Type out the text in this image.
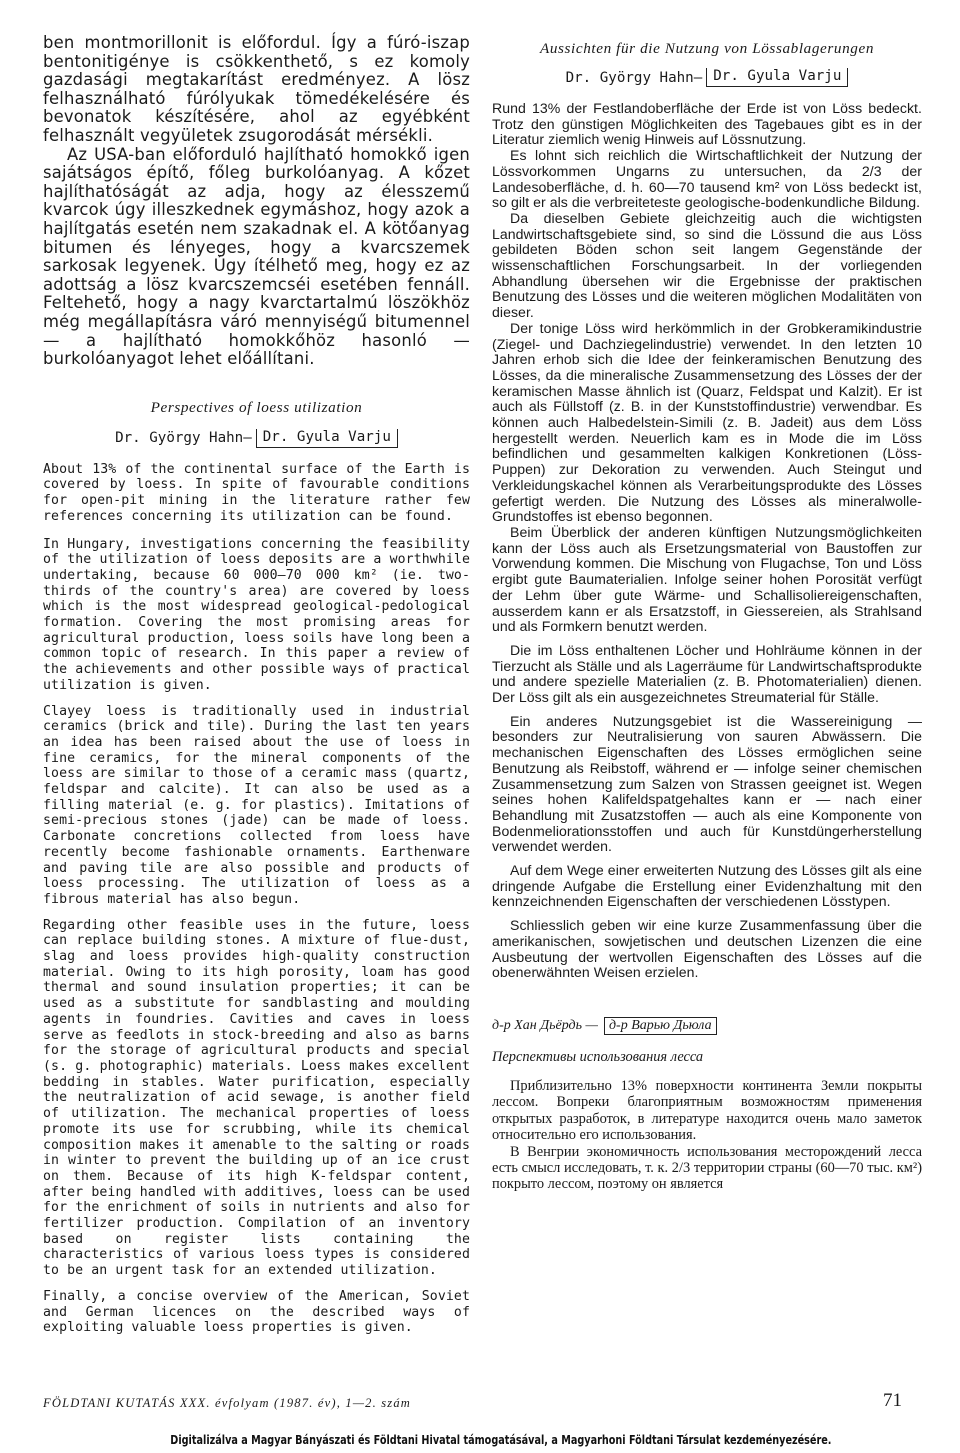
ben montmorillonit is előfordul. Így a fúró-iszap bentonitigénye is csökkenthető, s ez komoly gazdasági megtakarítást eredményez. A lösz felhasználható fúrólyukak tömedékelésére és bevonatok készítésére, ahol az egyébként felhasznált vegyületek zsugorodását mérsékli.

Az USA-ban előforduló hajlítható homokkő igen sajátságos építő, főleg burkolóanyag. A kőzet hajlíthatóságát az adja, hogy az élesszemű kvarcok úgy illeszkednek egymáshoz, hogy azok a hajlítgatás esetén nem szakadnak el. A kötőanyag bitumen és lényeges, hogy a kvarcszemek sarkosak legyenek. Úgy ítélhető meg, hogy ez az adottság a lösz kvarcszemcséi esetében fennáll. Feltehető, hogy a nagy kvarctartalmú löszökhöz még megállapításra váró mennyiségű bitumennel — a hajlítható homokkőhöz hasonló — burkolóanyagot lehet előállítani.

Perspectives of loess utilization
Dr. György Hahn— Dr. Gyula Varju

About 13% of the continental surface of the Earth is covered by loess. In spite of favourable conditions for open-pit mining in the literature rather few references concerning its utilization can be found.

In Hungary, investigations concerning the feasibility of the utilization of loess deposits are a worthwhile undertaking, because 60 000—70 000 km² (ie. two-thirds of the country's area) are covered by loess which is the most widespread geological-pedological formation. Covering the most promising areas for agricultural production, loess soils have long been a common topic of research. In this paper a review of the achievements and other possible ways of practical utilization is given.

Clayey loess is traditionally used in industrial ceramics (brick and tile). During the last ten years an idea has been raised about the use of loess in fine ceramics, for the mineral components of the loess are similar to those of a ceramic mass (quartz, feldspar and calcite). It can also be used as a filling material (e. g. for plastics). Imitations of semi-precious stones (jade) can be made of loess. Carbonate concretions collected from loess have recently become fashionable ornaments. Earthenware and paving tile are also possible and products of loess processing. The utilization of loess as a fibrous material has also begun.

Regarding other feasible uses in the future, loess can replace building stones. A mixture of flue-dust, slag and loess provides high-quality construction material. Owing to its high porosity, loam has good thermal and sound insulation properties; it can be used as a substitute for sandblasting and moulding agents in foundries. Cavities and caves in loess serve as feedlots in stock-breeding and also as barns for the storage of agricultural products and special (s. g. photographic) materials. Loess makes excellent bedding in stables. Water purification, especially the neutralization of acid sewage, is another field of utilization. The mechanical properties of loess promote its use for scrubbing, while its chemical composition makes it amenable to the salting or roads in winter to prevent the building up of an ice crust on them. Because of its high K-feldspar content, after being handled with additives, loess can be used for the enrichment of soils in nutrients and also for fertilizer production. Compilation of an inventory based on register lists containing the characteristics of various loess types is considered to be an urgent task for an extended utilization.

Finally, a concise overview of the American, Soviet and German licences on the described ways of exploiting valuable loess properties is given.

Aussichten für die Nutzung von Lössablagerungen
Dr. György Hahn— Dr. Gyula Varju

Rund 13% der Festlandoberfläche der Erde ist von Löss bedeckt. Trotz den günstigen Möglichkeiten des Tagebaues gibt es in der Literatur ziemlich wenig Hinweis auf Lössnutzung.

Es lohnt sich reichlich die Wirtschaftlichkeit der Nutzung der Lössvorkommen Ungarns zu untersuchen, da 2/3 der Landesoberfläche, d. h. 60—70 tausend km² von Löss bedeckt ist, so gilt er als die verbreiteteste geologische-bodenkundliche Bildung.

Da dieselben Gebiete gleichzeitig auch die wichtigsten Landwirtschaftsgebiete sind, so sind die Lössund die aus Löss gebildeten Böden schon seit langem Gegenstände der wissenschaftlichen Forschungsarbeit. In der vorliegenden Abhandlung übersehen wir die Ergebnisse der praktischen Benutzung des Lösses und die weiteren möglichen Modalitäten von dieser.

Der tonige Löss wird herkömmlich in der Grobkeramikindustrie (Ziegel- und Dachziegelindustrie) verwendet. In den letzten 10 Jahren erhob sich die Idee der feinkeramischen Benutzung des Lösses, da die mineralische Zusammensetzung des Lösses der der keramischen Masse ähnlich ist (Quarz, Feldspat und Kalzit). Er ist auch als Füllstoff (z. B. in der Kunststoffindustrie) verwendbar. Es können auch Halbedelstein-Simili (z. B. Jadeit) aus dem Löss hergestellt werden. Neuerlich kam es in Mode die im Löss befindlichen und gesammelten kalkigen Konkretionen (Löss-Puppen) zur Dekoration zu verwenden. Auch Steingut und Verkleidungskachel können als Verarbeitungsprodukte des Lösses gefertigt werden. Die Nutzung des Lösses als mineralwolle-Grundstoffes ist ebenso begonnen.

Beim Überblick der anderen künftigen Nutzungsmöglichkeiten kann der Löss auch als Ersetzungsmaterial von Baustoffen zur Vorwendung kommen. Die Mischung von Flugachse, Ton und Löss ergibt gute Baumaterialien. Infolge seiner hohen Porosität verfügt der Lehm über gute Wärme- und Schallisoliereigenschaften, ausserdem kann er als Ersatzstoff, in Giessereien, als Strahlsand und als Formkern benutzt werden.

Die im Löss enthaltenen Löcher und Hohlräume können in der Tierzucht als Ställe und als Lagerräume für Landwirtschaftsprodukte und andere spezielle Materialien (z. B. Photomaterialien) dienen. Der Löss gilt als ein ausgezeichnetes Streumaterial für Ställe.

Ein anderes Nutzungsgebiet ist die Wassereinigung — besonders zur Neutralisierung von sauren Abwässern. Die mechanischen Eigenschaften des Lösses ermöglichen seine Benutzung als Reibstoff, während er — infolge seiner chemischen Zusammensetzung zum Salzen von Strassen geeignet ist. Wegen seines hohen Kalifeldspatgehaltes kann er — nach einer Behandlung mit Zusatzstoffen — auch als eine Komponente von Bodenmeliorationsstoffen und auch für Kunstdüngerherstellung verwendet werden.

Auf dem Wege einer erweiterten Nutzung des Lösses gilt als eine dringende Aufgabe die Erstellung einer Evidenzhaltung mit den kennzeichnenden Eigenschaften der verschiedenen Lösstypen.

Schliesslich geben wir eine kurze Zusammenfassung über die amerikanischen, sowjetischen und deutschen Lizenzen die eine Ausbeutung der wertvollen Eigenschaften des Lösses auf die obenerwähnten Weisen erzielen.

д-р Хан Дьёрдь — д-р Варью Дьюла
Перспективы использования лесса

Приблизительно 13% поверхности континента Земли покрыты лессом. Вопреки благоприятным возможностям применения открытых разработок, в литературе находится очень мало заметок относительно его использования.

В Венгрии экономичность использования месторождений лесса есть смысл исследовать, т. к. 2/3 территории страны (60—70 тыс. км²) покрыто лессом, поэтому он является

FÖLDTANI KUTATÁS XXX. évfolyam (1987. év), 1—2. szám	71
Digitalizálva a Magyar Bányászati és Földtani Hivatal támogatásával, a Magyarhoni Földtani Társulat kezdeményezésére.
